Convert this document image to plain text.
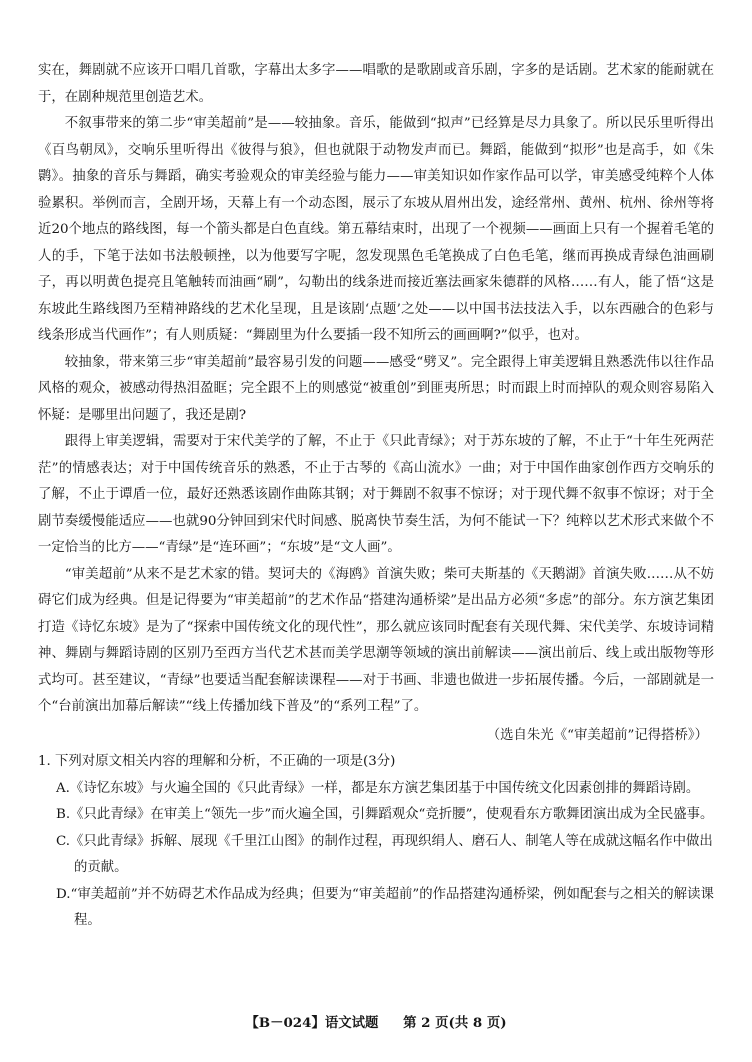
实在，舞剧就不应该开口唱几首歌，字幕出太多字——唱歌的是歌剧或音乐剧，字多的是话剧。艺术家的能耐就在于，在剧种规范里创造艺术。

不叙事带来的第二步“审美超前”是——较抽象。音乐，能做到“拟声”已经算是尽力具象了。所以民乐里听得出《百鸟朝凤》，交响乐里听得出《彼得与狼》，但也就限于动物发声而已。舞蹈，能做到“拟形”也是高手，如《朱鹮》。抽象的音乐与舞蹈，确实考验观众的审美经验与能力——审美知识如作家作品可以学，审美感受纯粹个人体验累积。举例而言，全剧开场，天幕上有一个动态图，展示了东坡从眉州出发，途经常州、黄州、杭州、徐州等将近20个地点的路线图，每一个箭头都是白色直线。第五幕结束时，出现了一个视频——画面上只有一个握着毛笔的人的手，下笔于法如书法般顿挫，以为他要写字呢，忽发现黑色毛笔换成了白色毛笔，继而再换成青绿色油画刷子，再以明黄色提亮且笔触转而油画“刷”，勾勒出的线条进而接近塞法画家朱德群的风格……有人，能了悟“这是东坡此生路线图乃至精神路线的艺术化呈现，且是该剧‘点题’之处——以中国书法技法入手，以东西融合的色彩与线条形成当代画作”；有人则质疑：“舞剧里为什么要插一段不知所云的画画啊?”似乎，也对。

较抽象，带来第三步“审美超前”最容易引发的问题——感受“劈叉”。完全跟得上审美逻辑且熟悉洗伟以往作品风格的观众，被感动得热泪盈眶；完全跟不上的则感觉“被重创”到匪夷所思；时而跟上时而掉队的观众则容易陷入怀疑：是哪里出问题了，我还是剧?

跟得上审美逻辑，需要对于宋代美学的了解，不止于《只此青绿》；对于苏东坡的了解，不止于“十年生死两茫茫”的情感表达；对于中国传统音乐的熟悉，不止于古琴的《高山流水》一曲；对于中国作曲家创作西方交响乐的了解，不止于谭盾一位，最好还熟悉该剧作曲陈其钢；对于舞剧不叙事不惊讶；对于现代舞不叙事不惊讶；对于全剧节奏缓慢能适应——也就90分钟回到宋代时间感、脱离快节奏生活，为何不能试一下？纯粹以艺术形式来做个不一定恰当的比方——“青绿”是“连环画”；“东坡”是“文人画”。

“审美超前”从来不是艺术家的错。契诃夫的《海鸥》首演失败；柴可夫斯基的《天鹅湖》首演失败……从不妨碍它们成为经典。但是记得要为“审美超前”的艺术作品“搭建沟通桥梁”是出品方必须“多虑”的部分。东方演艺集团打造《诗忆东坡》是为了“探索中国传统文化的现代性”，那么就应该同时配套有关现代舞、宋代美学、东坡诗词精神、舞剧与舞蹈诗剧的区别乃至西方当代艺术甚而美学思潮等领域的演出前解读——演出前后、线上或出版物等形式均可。甚至建议，“青绿”也要适当配套解读课程——对于书画、非遗也做进一步拓展传播。今后，一部剧就是一个“台前演出加幕后解读”“线上传播加线下普及”的“系列工程”了。

（选自朱光《“审美超前”记得搭桥》）

1. 下列对原文相关内容的理解和分析，不正确的一项是(3分)

A.《诗忆东坡》与火遍全国的《只此青绿》一样，都是东方演艺集团基于中国传统文化因素创排的舞蹈诗剧。

B.《只此青绿》在审美上“领先一步”而火遍全国，引舞蹈观众“竞折腰”，使观看东方歌舞团演出成为全民盛事。

C.《只此青绿》拆解、展现《千里江山图》的制作过程，再现织绢人、磨石人、制笔人等在成就这幅名作中做出的贡献。

D.“审美超前”并不妨碍艺术作品成为经典；但要为“审美超前”的作品搭建沟通桥梁，例如配套与之相关的解读课程。

【B－024】语文试题 第 2 页(共 8 页)
